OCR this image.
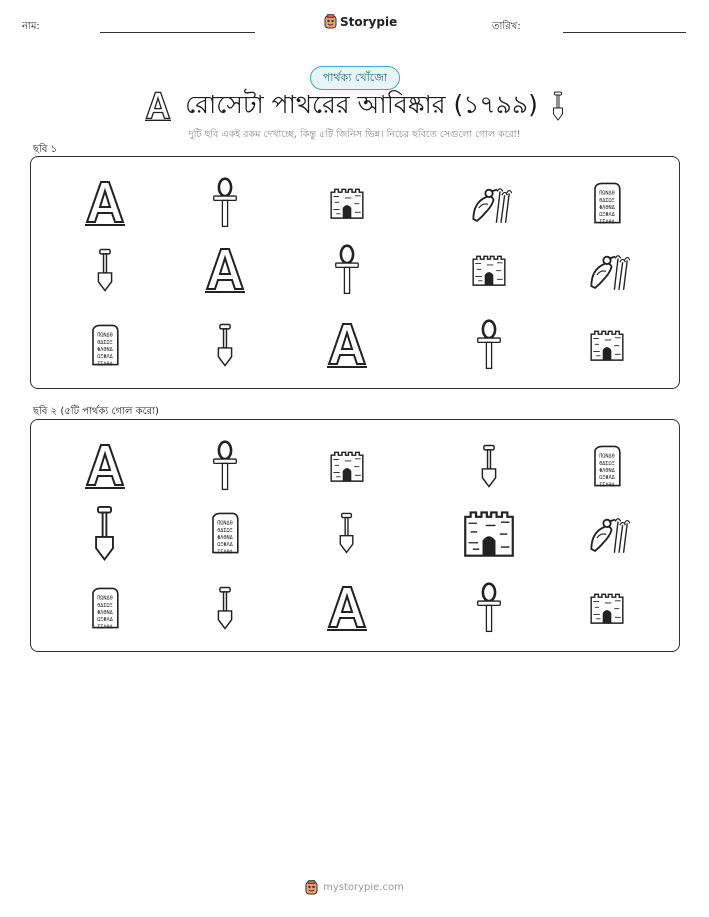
নাম:	Storypie	তারিখ:
পার্থক্য খোঁজো
রোসেটা পাথরের আবিষ্কার (১৭৯৯)
দুটি ছবি একই রকম দেখাচ্ছে, কিন্তু ৫টি জিনিস ভিন্ন। নিচের ছবিতে সেগুলো গোল করো!
ছবি ১
ΠΩΝΔΘ
ΘΔΣΩΞ
ΦΛΘΝΔ
ΩΞΦΛΔ
ΙΣΛΘΔ
ΠΩΝΔΘ
ΘΔΣΩΞ
ΦΛΘΝΔ
ΩΞΦΛΔ
ΙΣΛΘΔ
ছবি ২ (৫টি পার্থক্য গোল করো)
ΠΩΝΔΘ
ΘΔΣΩΞ
ΦΛΘΝΔ
ΩΞΦΛΔ
ΙΣΛΘΔ
ΠΩΝΔΘ
ΘΔΣΩΞ
ΦΛΘΝΔ
ΩΞΦΛΔ
ΙΣΛΘΔ
ΠΩΝΔΘ
ΘΔΣΩΞ
ΦΛΘΝΔ
ΩΞΦΛΔ
ΙΣΛΘΔ
mystorypie.com
